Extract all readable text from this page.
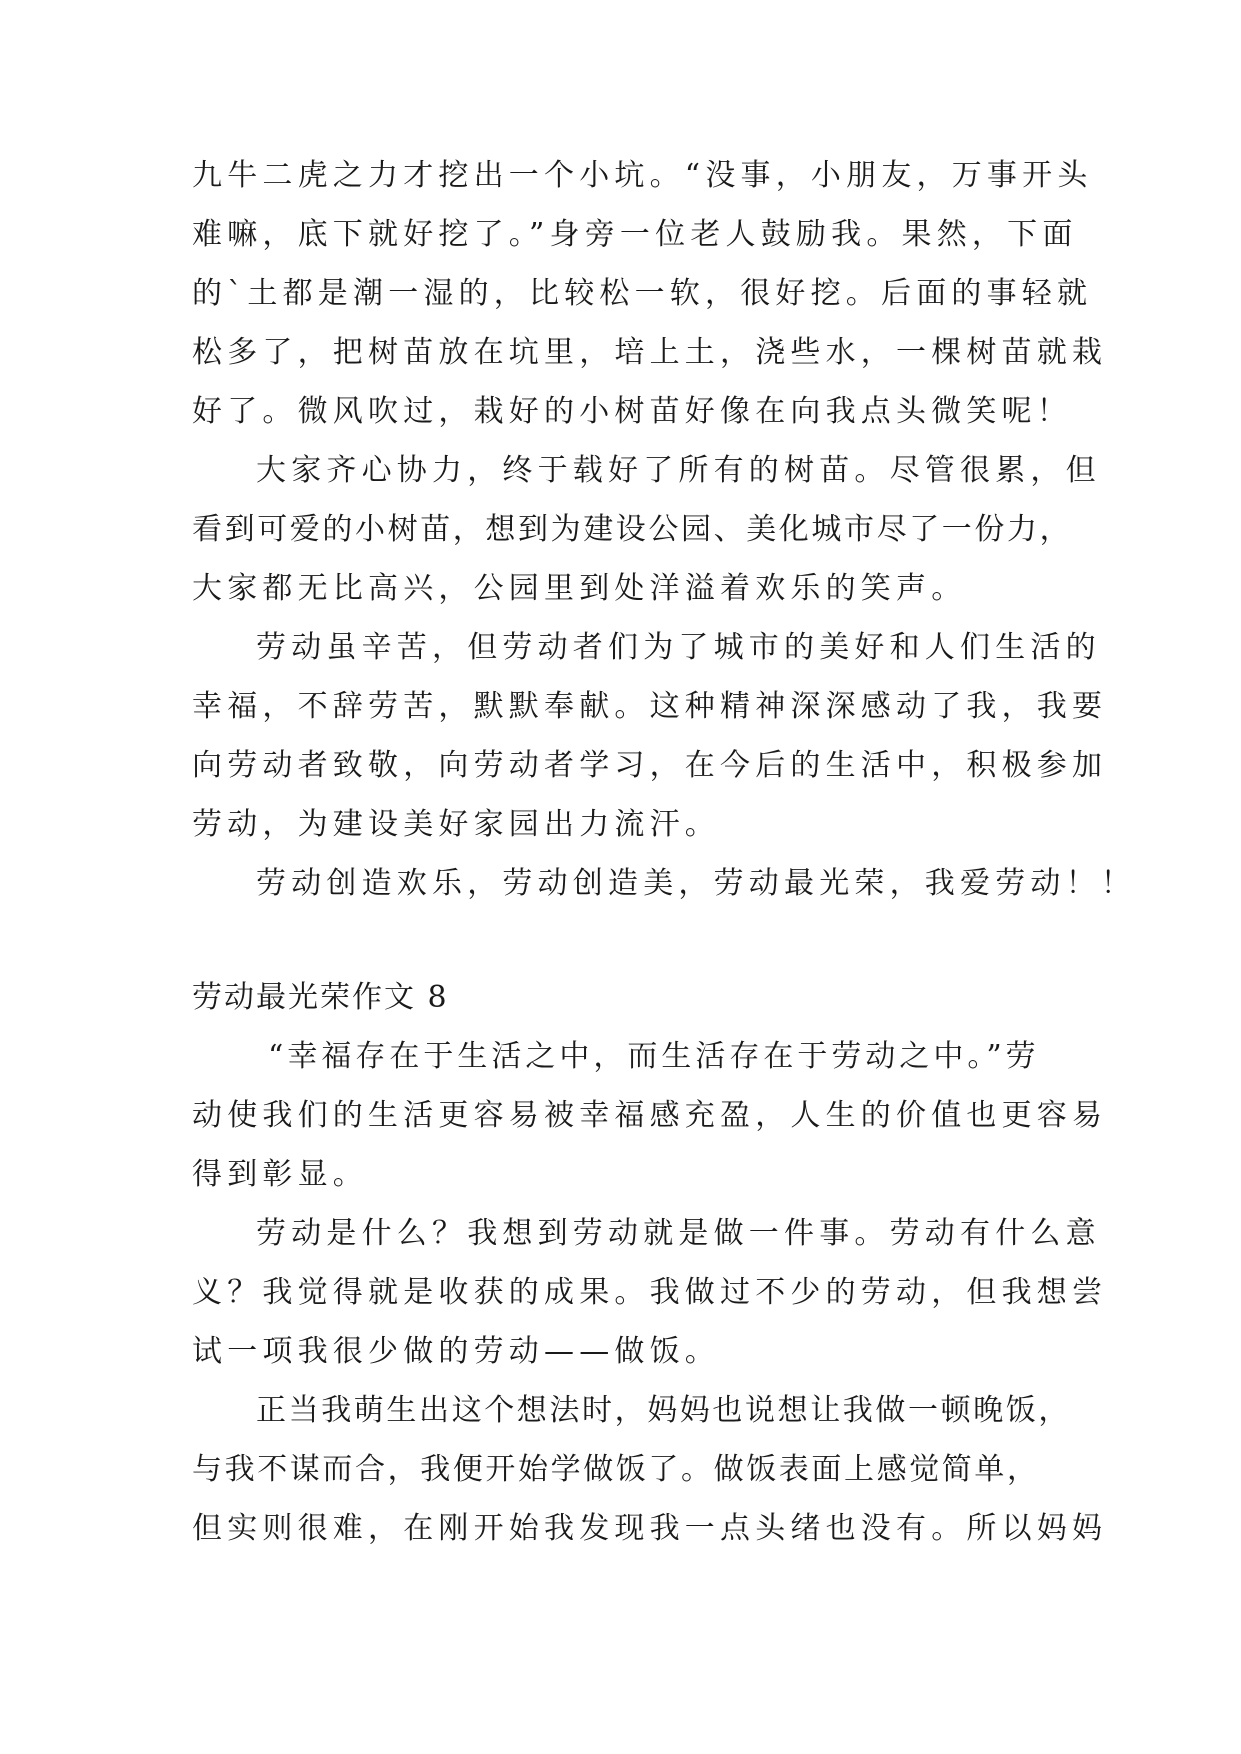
九牛二虎之力才挖出一个小坑。“没事，小朋友，万事开头
难嘛，底下就好挖了。”身旁一位老人鼓励我。果然，下面
的`土都是潮一湿的，比较松一软，很好挖。后面的事轻就
松多了，把树苗放在坑里，培上土，浇些水，一棵树苗就栽
好了。微风吹过，栽好的小树苗好像在向我点头微笑呢！
大家齐心协力，终于载好了所有的树苗。尽管很累，但
看到可爱的小树苗，想到为建设公园、美化城市尽了一份力，
大家都无比高兴，公园里到处洋溢着欢乐的笑声。
劳动虽辛苦，但劳动者们为了城市的美好和人们生活的
幸福，不辞劳苦，默默奉献。这种精神深深感动了我，我要
向劳动者致敬，向劳动者学习，在今后的生活中，积极参加
劳动，为建设美好家园出力流汗。
劳动创造欢乐，劳动创造美，劳动最光荣，我爱劳动！！
劳动最光荣作文 8
“幸福存在于生活之中，而生活存在于劳动之中。”劳
动使我们的生活更容易被幸福感充盈，人生的价值也更容易
得到彰显。
劳动是什么？我想到劳动就是做一件事。劳动有什么意
义？我觉得就是收获的成果。我做过不少的劳动，但我想尝
试一项我很少做的劳动——做饭。
正当我萌生出这个想法时，妈妈也说想让我做一顿晚饭，
与我不谋而合，我便开始学做饭了。做饭表面上感觉简单，
但实则很难，在刚开始我发现我一点头绪也没有。所以妈妈
